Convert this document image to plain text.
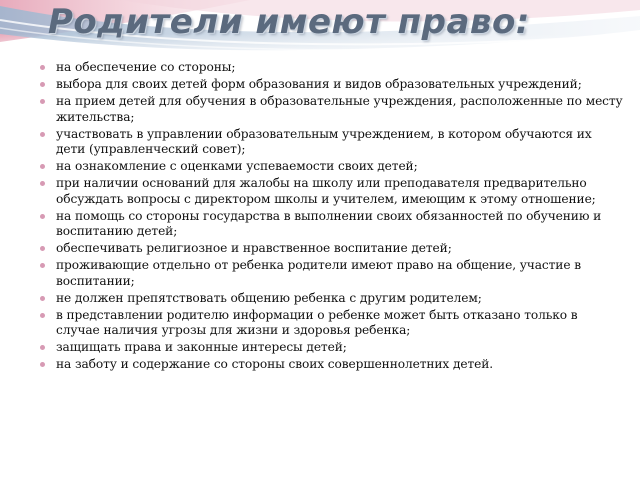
Родители имеют право:
на обеспечение со стороны;
выбора для своих детей форм образования и видов образовательных учреждений;
на прием детей для обучения в образовательные учреждения, расположенные по месту жительства;
участвовать в управлении образовательным учреждением, в котором обучаются их дети (управленческий совет);
на ознакомление с оценками успеваемости своих детей;
при наличии оснований для жалобы на школу или преподавателя предварительно обсуждать вопросы с директором школы и учителем, имеющим к этому отношение;
на помощь со стороны государства в выполнении своих обязанностей по обучению и воспитанию детей;
обеспечивать религиозное и нравственное воспитание детей;
проживающие отдельно от ребенка родители имеют право на общение, участие в воспитании;
не должен препятствовать общению ребенка с другим родителем;
в представлении родителю информации о ребенке может быть отказано только в случае наличия угрозы для жизни и здоровья ребенка;
защищать права и законные интересы детей;
на заботу и содержание со стороны своих совершеннолетних детей.
